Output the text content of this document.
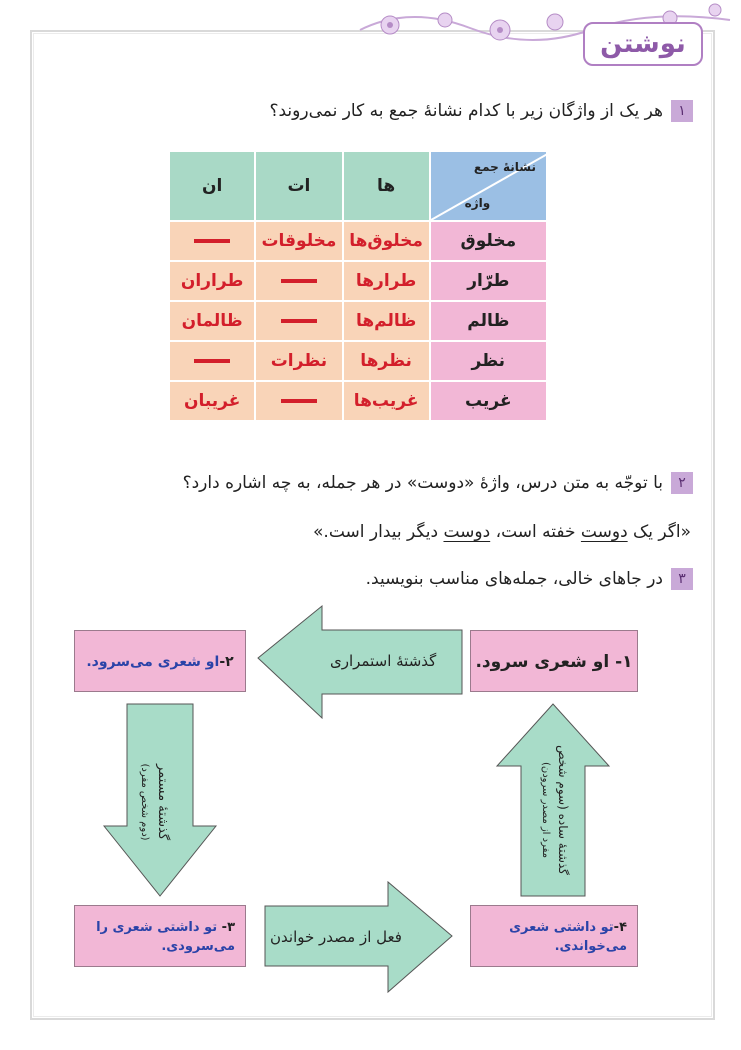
نوشتن
۱هر یک از واژگان زیر با کدام نشانهٔ جمع به کار نمی‌روند؟
نشانهٔ جمع
واژه	ها	ات	ان
مخلوق	مخلوق‌ها	مخلوقات	
طرّار	طرارها		طراران
ظالم	ظالم‌ها		ظالمان
نظر	نظرها	نظرات	
غریب	غریب‌ها		غریبان
۲با توجّه به متن درس، واژهٔ «دوست» در هر جمله، به چه اشاره دارد؟
«اگر یک دوست خفته است، دوست دیگر بیدار است.»
۳در جاهای خالی، جمله‌های مناسب بنویسید.
گذشتهٔ استمراری
فعل از مصدر خواندن
گذشتهٔ مستمر
(دوم شخص مفرد)	گذشتهٔ ساده (سوم شخص
مفرد از مصدر سرودن)
۱- او شعری سرود.
۲-او شعری می‌سرود.
۳- تو داشتی شعری را می‌سرودی.
۴-تو داشتی شعری می‌خواندی.
